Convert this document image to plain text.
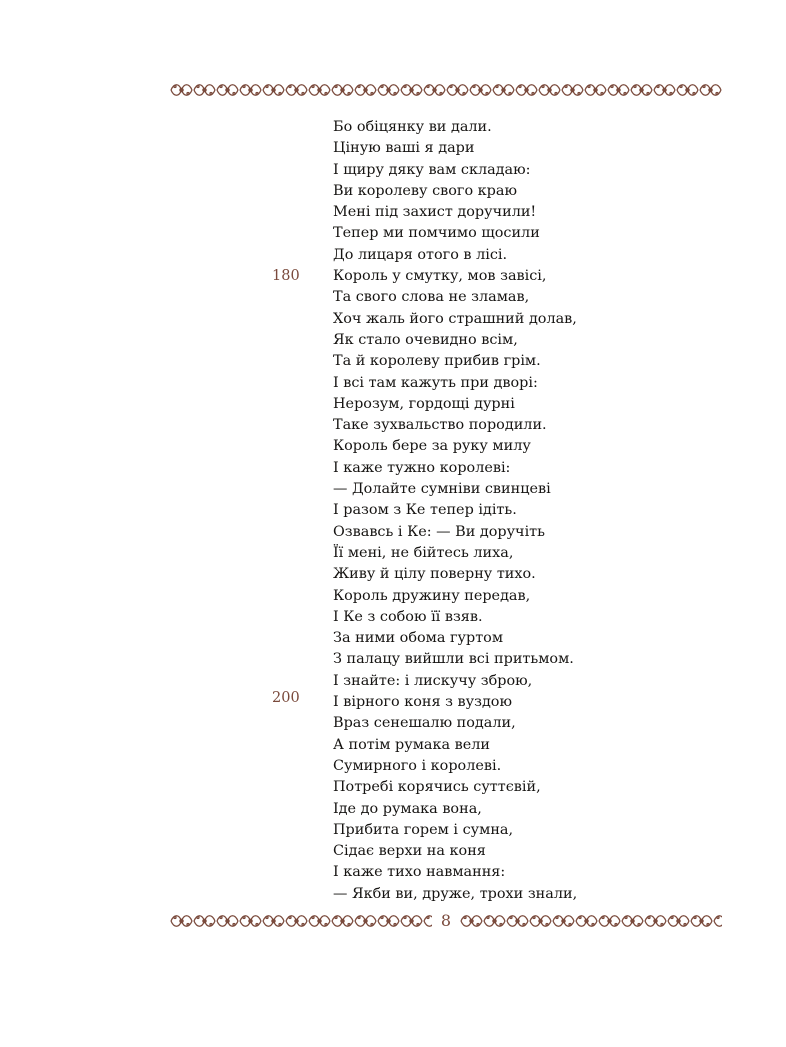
180
200
Бо обіцянку ви дали.
Ціную ваші я дари
І щиру дяку вам складаю:
Ви королеву свого краю
Мені під захист доручили!
Тепер ми помчимо щосили
До лицаря отого в лісі.
Король у смутку, мов завісі,
Та свого слова не зламав,
Хоч жаль його страшний долав,
Як стало очевидно всім,
Та й королеву прибив грім.
І всі там кажуть при дворі:
Нерозум, гордощі дурні
Таке зухвальство породили.
Король бере за руку милу
І каже тужно королеві:
— Долайте сумніви свинцеві
І разом з Ке тепер ідіть.
Озвавсь і Ке: — Ви доручіть
Її мені, не бійтесь лиха,
Живу й цілу поверну тихо.
Король дружину передав,
І Ке з собою її взяв.
За ними обома гуртом
З палацу вийшли всі притьмом.
І знайте: і лискучу зброю,
І вірного коня з вуздою
Враз сенешалю подали,
А потім румака вели
Сумирного і королеві.
Потребі корячись суттєвій,
Іде до румака вона,
Прибита горем і сумна,
Сідає верхи на коня
І каже тихо навмання:
— Якби ви, друже, трохи знали,
8
